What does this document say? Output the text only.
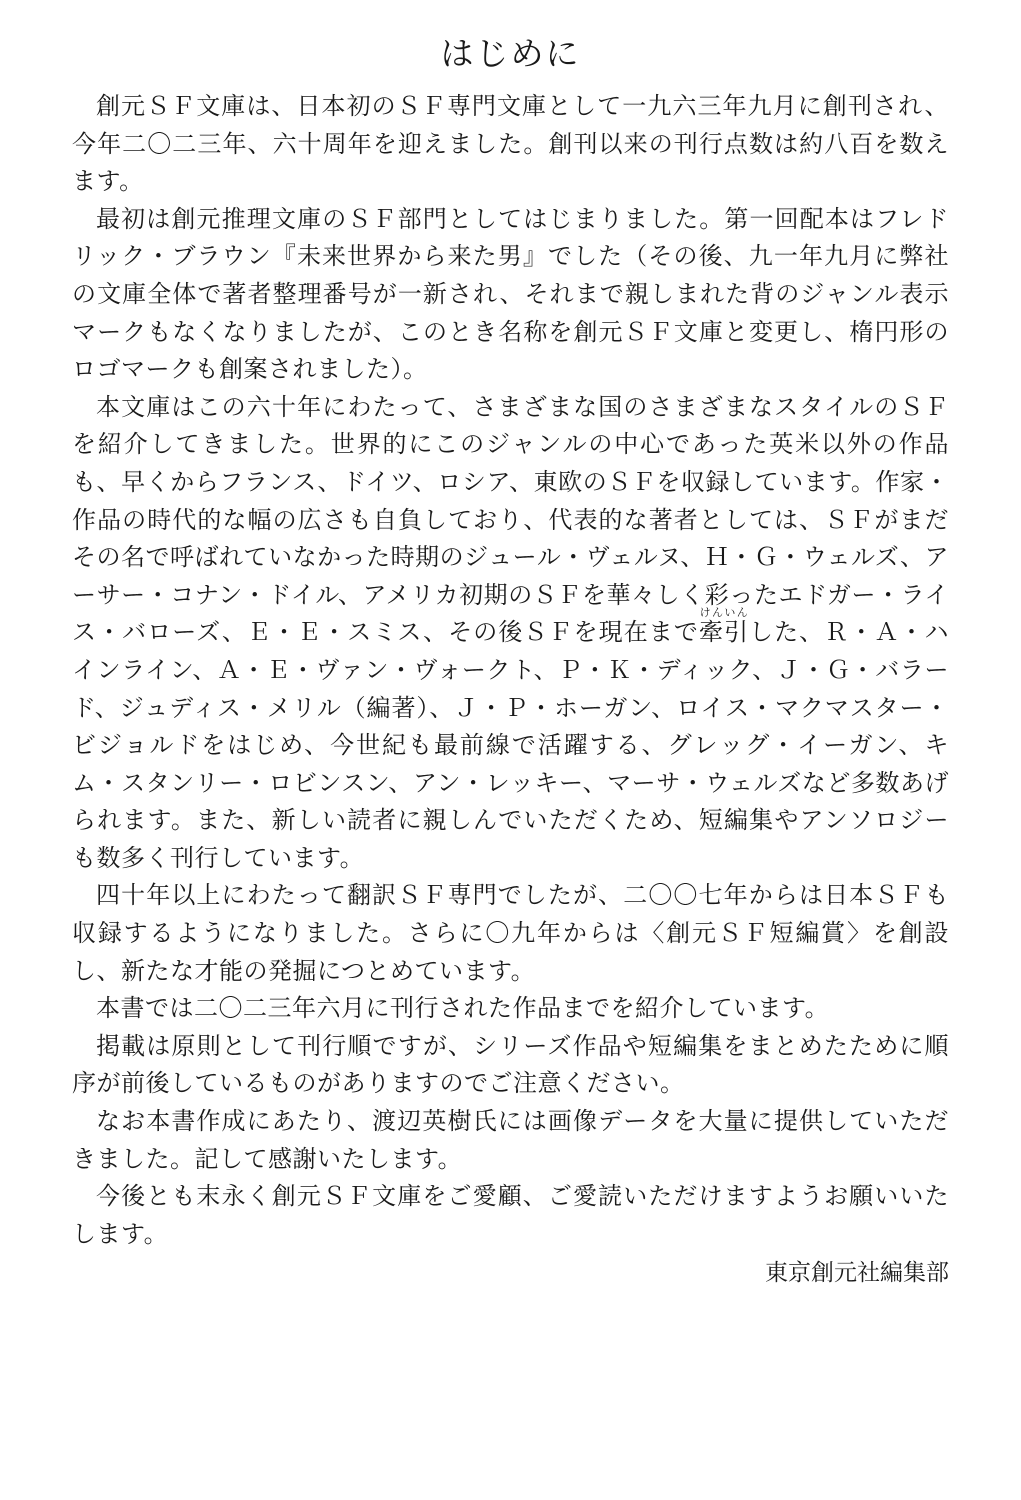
はじめに

創元ＳＦ文庫は、日本初のＳＦ専門文庫として一九六三年九月に創刊され、今年二〇二三年、六十周年を迎えました。創刊以来の刊行点数は約八百を数えます。

最初は創元推理文庫のＳＦ部門としてはじまりました。第一回配本はフレドリック・ブラウン『未来世界から来た男』でした（その後、九一年九月に弊社の文庫全体で著者整理番号が一新され、それまで親しまれた背のジャンル表示マークもなくなりましたが、このとき名称を創元ＳＦ文庫と変更し、楕円形のロゴマークも創案されました）。

本文庫はこの六十年にわたって、さまざまな国のさまざまなスタイルのＳＦを紹介してきました。世界的にこのジャンルの中心であった英米以外の作品も、早くからフランス、ドイツ、ロシア、東欧のＳＦを収録しています。作家・作品の時代的な幅の広さも自負しており、代表的な著者としては、ＳＦがまだその名で呼ばれていなかった時期のジュール・ヴェルヌ、Ｈ・Ｇ・ウェルズ、アーサー・コナン・ドイル、アメリカ初期のＳＦを華々しく彩ったエドガー・ライス・バローズ、Ｅ・Ｅ・スミス、その後ＳＦを現在まで牽引けんいんした、Ｒ・Ａ・ハインライン、Ａ・Ｅ・ヴァン・ヴォークト、Ｐ・Ｋ・ディック、Ｊ・Ｇ・バラード、ジュディス・メリル（編著）、Ｊ・Ｐ・ホーガン、ロイス・マクマスター・ビジョルドをはじめ、今世紀も最前線で活躍する、グレッグ・イーガン、キム・スタンリー・ロビンスン、アン・レッキー、マーサ・ウェルズなど多数あげられます。また、新しい読者に親しんでいただくため、短編集やアンソロジーも数多く刊行しています。

四十年以上にわたって翻訳ＳＦ専門でしたが、二〇〇七年からは日本ＳＦも収録するようになりました。さらに〇九年からは〈創元ＳＦ短編賞〉を創設し、新たな才能の発掘につとめています。

本書では二〇二三年六月に刊行された作品までを紹介しています。

掲載は原則として刊行順ですが、シリーズ作品や短編集をまとめたために順序が前後しているものがありますのでご注意ください。

なお本書作成にあたり、渡辺英樹氏には画像データを大量に提供していただきました。記して感謝いたします。

今後とも末永く創元ＳＦ文庫をご愛顧、ご愛読いただけますようお願いいたします。

東京創元社編集部
